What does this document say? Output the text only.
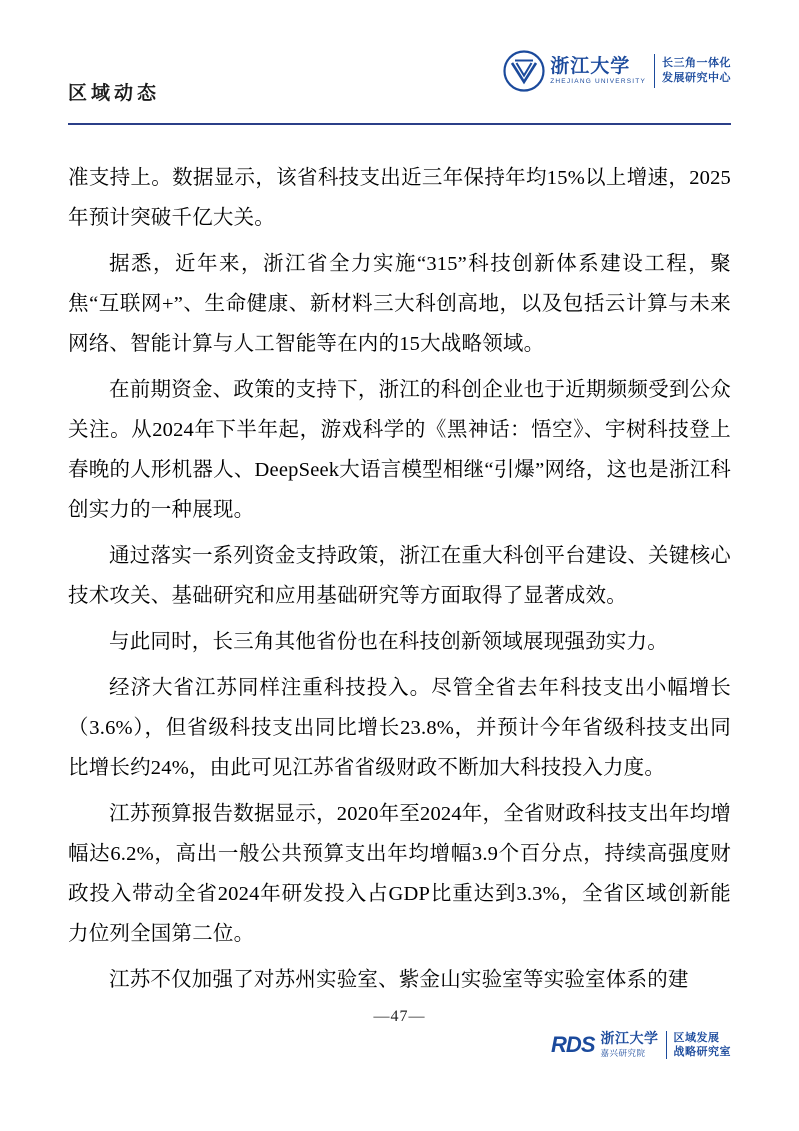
区域动态
浙江大学
ZHEJIANG UNIVERSITY
长三角一体化
发展研究中心

准支持上。数据显示，该省科技支出近三年保持年均15%以上增速，2025年预计突破千亿大关。

据悉，近年来，浙江省全力实施“315”科技创新体系建设工程，聚焦“互联网+”、生命健康、新材料三大科创高地，以及包括云计算与未来网络、智能计算与人工智能等在内的15大战略领域。

在前期资金、政策的支持下，浙江的科创企业也于近期频频受到公众关注。从2024年下半年起，游戏科学的《黑神话：悟空》、宇树科技登上春晚的人形机器人、DeepSeek大语言模型相继“引爆”网络，这也是浙江科创实力的一种展现。

通过落实一系列资金支持政策，浙江在重大科创平台建设、关键核心技术攻关、基础研究和应用基础研究等方面取得了显著成效。

与此同时，长三角其他省份也在科技创新领域展现强劲实力。

经济大省江苏同样注重科技投入。尽管全省去年科技支出小幅增长（3.6%），但省级科技支出同比增长23.8%，并预计今年省级科技支出同比增长约24%，由此可见江苏省省级财政不断加大科技投入力度。

江苏预算报告数据显示，2020年至2024年，全省财政科技支出年均增幅达6.2%，高出一般公共预算支出年均增幅3.9个百分点，持续高强度财政投入带动全省2024年研发投入占GDP比重达到3.3%，全省区域创新能力位列全国第二位。

江苏不仅加强了对苏州实验室、紫金山实验室等实验室体系的建

—47—
RDS 浙江大学
嘉兴研究院
区域发展
战略研究室
